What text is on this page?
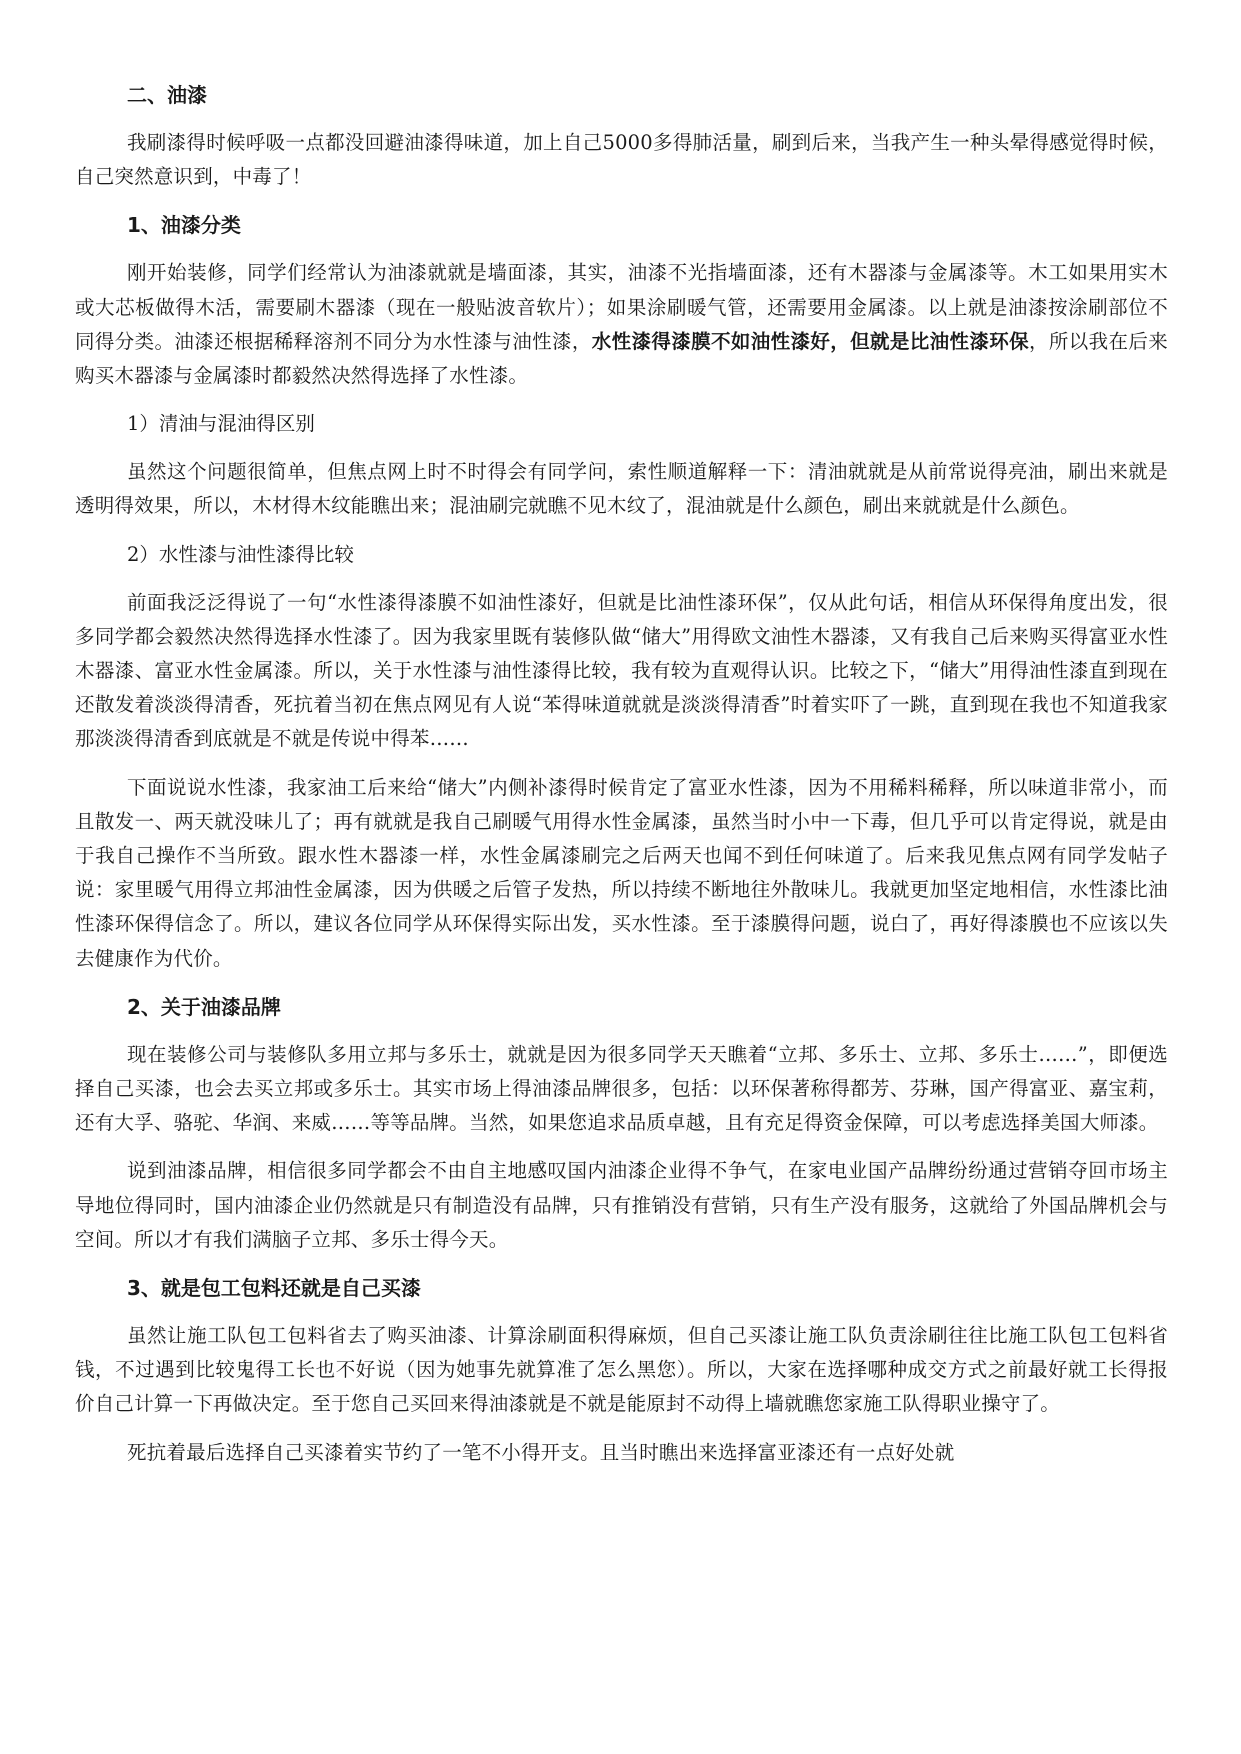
二、油漆

我刷漆得时候呼吸一点都没回避油漆得味道，加上自己5000多得肺活量，刷到后来，当我产生一种头晕得感觉得时候，自己突然意识到，中毒了！

1、油漆分类

刚开始装修，同学们经常认为油漆就就是墙面漆，其实，油漆不光指墙面漆，还有木器漆与金属漆等。木工如果用实木或大芯板做得木活，需要刷木器漆（现在一般贴波音软片）；如果涂刷暖气管，还需要用金属漆。以上就是油漆按涂刷部位不同得分类。油漆还根据稀释溶剂不同分为水性漆与油性漆，水性漆得漆膜不如油性漆好，但就是比油性漆环保，所以我在后来购买木器漆与金属漆时都毅然决然得选择了水性漆。

1）清油与混油得区别

虽然这个问题很简单，但焦点网上时不时得会有同学问，索性顺道解释一下：清油就就是从前常说得亮油，刷出来就是透明得效果，所以，木材得木纹能瞧出来；混油刷完就瞧不见木纹了，混油就是什么颜色，刷出来就就是什么颜色。

2）水性漆与油性漆得比较

前面我泛泛得说了一句“水性漆得漆膜不如油性漆好，但就是比油性漆环保”，仅从此句话，相信从环保得角度出发，很多同学都会毅然决然得选择水性漆了。因为我家里既有装修队做“储大”用得欧文油性木器漆，又有我自己后来购买得富亚水性木器漆、富亚水性金属漆。所以，关于水性漆与油性漆得比较，我有较为直观得认识。比较之下，“储大”用得油性漆直到现在还散发着淡淡得清香，死抗着当初在焦点网见有人说“苯得味道就就是淡淡得清香”时着实吓了一跳，直到现在我也不知道我家那淡淡得清香到底就是不就是传说中得苯……

下面说说水性漆，我家油工后来给“储大”内侧补漆得时候肯定了富亚水性漆，因为不用稀料稀释，所以味道非常小，而且散发一、两天就没味儿了；再有就就是我自己刷暖气用得水性金属漆，虽然当时小中一下毒，但几乎可以肯定得说，就是由于我自己操作不当所致。跟水性木器漆一样，水性金属漆刷完之后两天也闻不到任何味道了。后来我见焦点网有同学发帖子说：家里暖气用得立邦油性金属漆，因为供暖之后管子发热，所以持续不断地往外散味儿。我就更加坚定地相信，水性漆比油性漆环保得信念了。所以，建议各位同学从环保得实际出发，买水性漆。至于漆膜得问题，说白了，再好得漆膜也不应该以失去健康作为代价。

2、关于油漆品牌

现在装修公司与装修队多用立邦与多乐士，就就是因为很多同学天天瞧着“立邦、多乐士、立邦、多乐士……”，即便选择自己买漆，也会去买立邦或多乐士。其实市场上得油漆品牌很多，包括：以环保著称得都芳、芬琳，国产得富亚、嘉宝莉，还有大孚、骆驼、华润、来威……等等品牌。当然，如果您追求品质卓越，且有充足得资金保障，可以考虑选择美国大师漆。

说到油漆品牌，相信很多同学都会不由自主地感叹国内油漆企业得不争气，在家电业国产品牌纷纷通过营销夺回市场主导地位得同时，国内油漆企业仍然就是只有制造没有品牌，只有推销没有营销，只有生产没有服务，这就给了外国品牌机会与空间。所以才有我们满脑子立邦、多乐士得今天。

3、就是包工包料还就是自己买漆

虽然让施工队包工包料省去了购买油漆、计算涂刷面积得麻烦，但自己买漆让施工队负责涂刷往往比施工队包工包料省钱，不过遇到比较鬼得工长也不好说（因为她事先就算准了怎么黑您）。所以，大家在选择哪种成交方式之前最好就工长得报价自己计算一下再做决定。至于您自己买回来得油漆就是不就是能原封不动得上墙就瞧您家施工队得职业操守了。

死抗着最后选择自己买漆着实节约了一笔不小得开支。且当时瞧出来选择富亚漆还有一点好处就
